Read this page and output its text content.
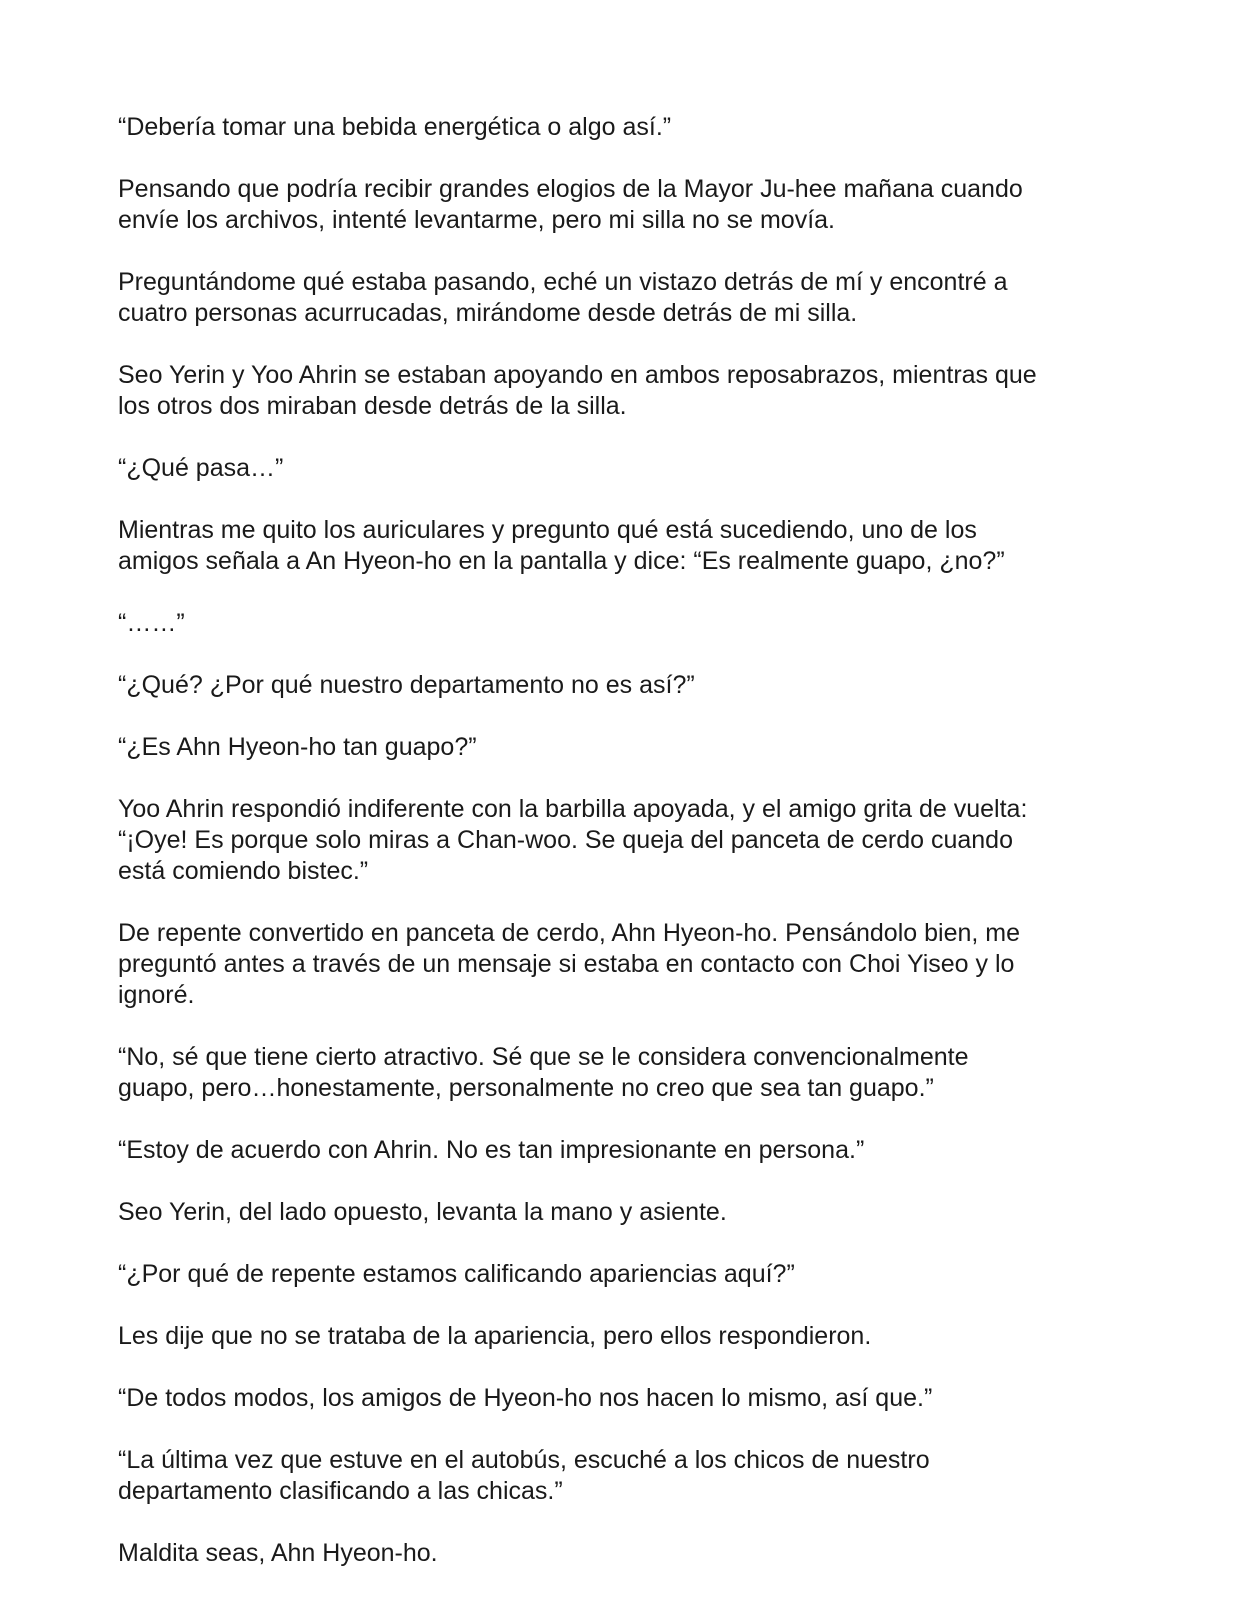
“Debería tomar una bebida energética o algo así.”

Pensando que podría recibir grandes elogios de la Mayor Ju-hee mañana cuando
envíe los archivos, intenté levantarme, pero mi silla no se movía.

Preguntándome qué estaba pasando, eché un vistazo detrás de mí y encontré a
cuatro personas acurrucadas, mirándome desde detrás de mi silla.

Seo Yerin y Yoo Ahrin se estaban apoyando en ambos reposabrazos, mientras que
los otros dos miraban desde detrás de la silla.

“¿Qué pasa…”

Mientras me quito los auriculares y pregunto qué está sucediendo, uno de los
amigos señala a An Hyeon-ho en la pantalla y dice: “Es realmente guapo, ¿no?”

“……”

“¿Qué? ¿Por qué nuestro departamento no es así?”

“¿Es Ahn Hyeon-ho tan guapo?”

Yoo Ahrin respondió indiferente con la barbilla apoyada, y el amigo grita de vuelta:
“¡Oye! Es porque solo miras a Chan-woo. Se queja del panceta de cerdo cuando
está comiendo bistec.”

De repente convertido en panceta de cerdo, Ahn Hyeon-ho. Pensándolo bien, me
preguntó antes a través de un mensaje si estaba en contacto con Choi Yiseo y lo
ignoré.

“No, sé que tiene cierto atractivo. Sé que se le considera convencionalmente
guapo, pero…honestamente, personalmente no creo que sea tan guapo.”

“Estoy de acuerdo con Ahrin. No es tan impresionante en persona.”

Seo Yerin, del lado opuesto, levanta la mano y asiente.

“¿Por qué de repente estamos calificando apariencias aquí?”

Les dije que no se trataba de la apariencia, pero ellos respondieron.

“De todos modos, los amigos de Hyeon-ho nos hacen lo mismo, así que.”

“La última vez que estuve en el autobús, escuché a los chicos de nuestro
departamento clasificando a las chicas.”

Maldita seas, Ahn Hyeon-ho.
